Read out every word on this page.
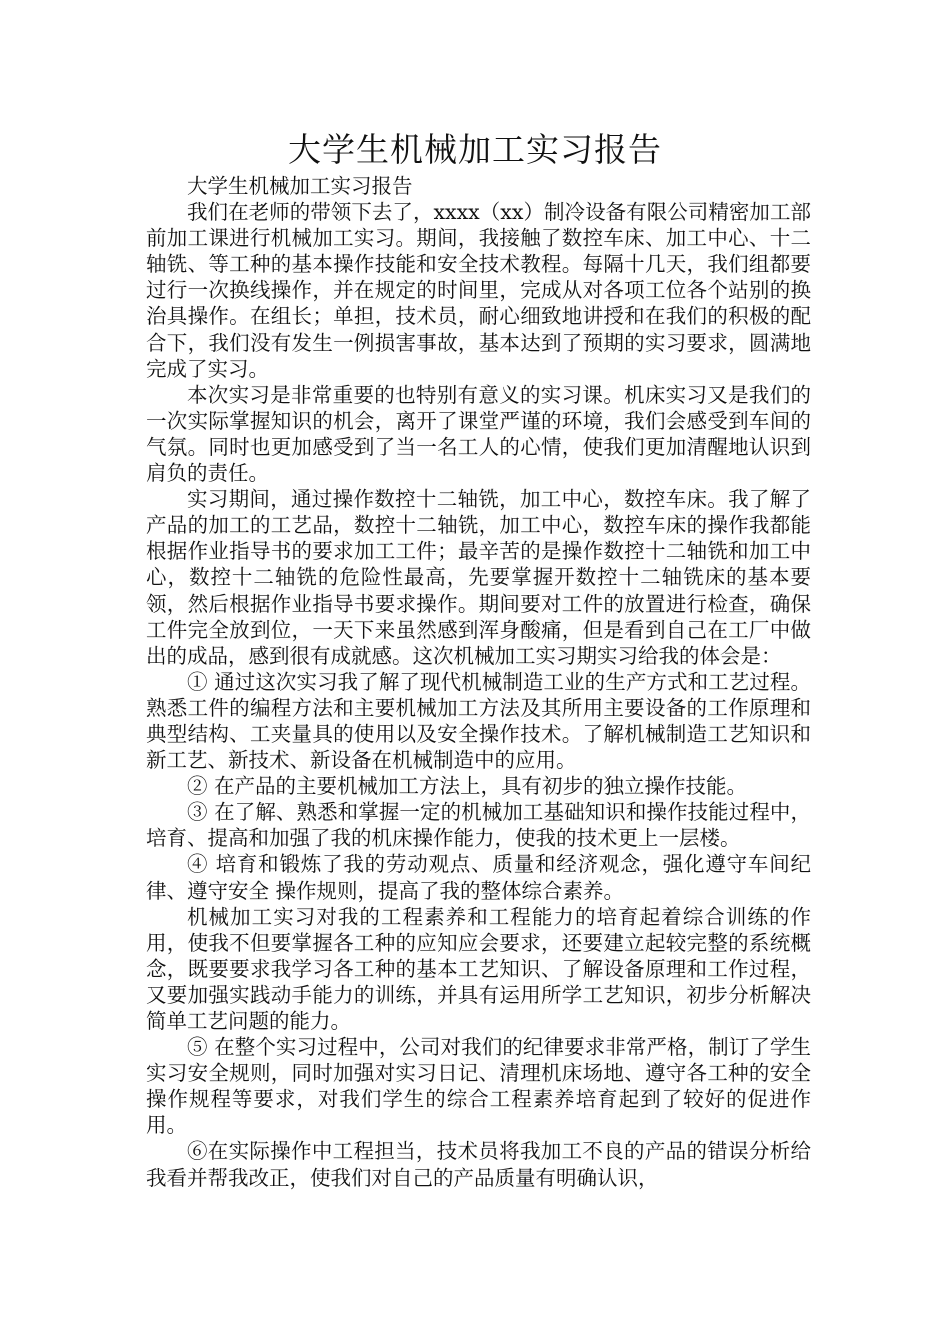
大学生机械加工实习报告

大学生机械加工实习报告

我们在老师的带领下去了，xxxx（xx）制冷设备有限公司精密加工部前加工课进行机械加工实习。期间，我接触了数控车床、加工中心、十二轴铣、等工种的基本操作技能和安全技术教程。每隔十几天，我们组都要过行一次换线操作，并在规定的时间里，完成从对各项工位各个站别的换治具操作。在组长；单担，技术员，耐心细致地讲授和在我们的积极的配合下，我们没有发生一例损害事故，基本达到了预期的实习要求，圆满地完成了实习。

本次实习是非常重要的也特别有意义的实习课。机床实习又是我们的一次实际掌握知识的机会，离开了课堂严谨的环境，我们会感受到车间的气氛。同时也更加感受到了当一名工人的心情，使我们更加清醒地认识到肩负的责任。

实习期间，通过操作数控十二轴铣，加工中心，数控车床。我了解了产品的加工的工艺品，数控十二轴铣，加工中心，数控车床的操作我都能根据作业指导书的要求加工工件；最辛苦的是操作数控十二轴铣和加工中心，数控十二轴铣的危险性最高，先要掌握开数控十二轴铣床的基本要领，然后根据作业指导书要求操作。期间要对工件的放置进行检查，确保工件完全放到位，一天下来虽然感到浑身酸痛，但是看到自己在工厂中做出的成品，感到很有成就感。这次机械加工实习期实习给我的体会是：

① 通过这次实习我了解了现代机械制造工业的生产方式和工艺过程。熟悉工件的编程方法和主要机械加工方法及其所用主要设备的工作原理和典型结构、工夹量具的使用以及安全操作技术。了解机械制造工艺知识和新工艺、新技术、新设备在机械制造中的应用。

② 在产品的主要机械加工方法上，具有初步的独立操作技能。

③ 在了解、熟悉和掌握一定的机械加工基础知识和操作技能过程中，培育、提高和加强了我的机床操作能力，使我的技术更上一层楼。

④ 培育和锻炼了我的劳动观点、质量和经济观念，强化遵守车间纪律、遵守安全 操作规则，提高了我的整体综合素养。

机械加工实习对我的工程素养和工程能力的培育起着综合训练的作用，使我不但要掌握各工种的应知应会要求，还要建立起较完整的系统概念，既要要求我学习各工种的基本工艺知识、了解设备原理和工作过程，又要加强实践动手能力的训练，并具有运用所学工艺知识，初步分析解决简单工艺问题的能力。

⑤ 在整个实习过程中，公司对我们的纪律要求非常严格，制订了学生实习安全规则，同时加强对实习日记、清理机床场地、遵守各工种的安全操作规程等要求，对我们学生的综合工程素养培育起到了较好的促进作用。

⑥在实际操作中工程担当，技术员将我加工不良的产品的错误分析给我看并帮我改正，使我们对自己的产品质量有明确认识，
